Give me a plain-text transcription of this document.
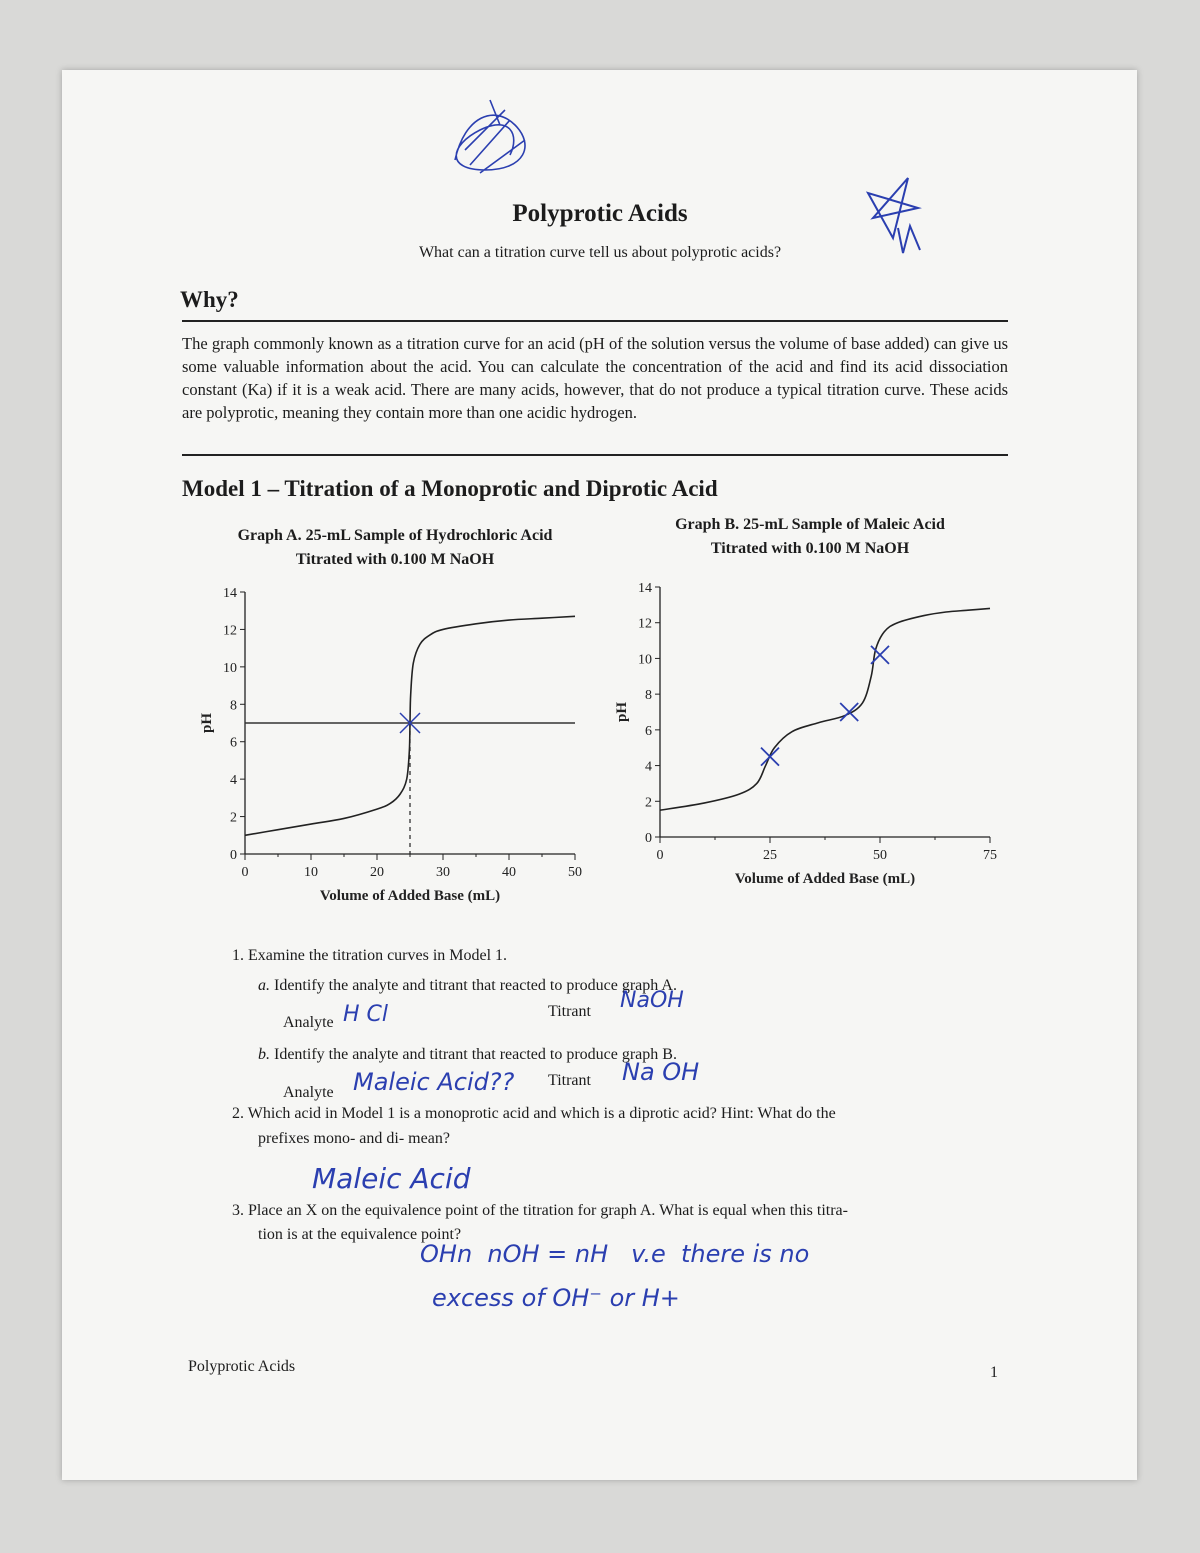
Polyprotic Acids
What can a titration curve tell us about polyprotic acids?
Why?
The graph commonly known as a titration curve for an acid (pH of the solution versus the volume of base added) can give us some valuable information about the acid. You can calculate the concentration of the acid and find its acid dissociation constant (Ka) if it is a weak acid. There are many acids, however, that do not produce a typical titration curve. These acids are polyprotic, meaning they contain more than one acidic hydrogen.
Model 1 – Titration of a Monoprotic and Diprotic Acid
Graph A. 25-mL Sample of Hydrochloric Acid
Titrated with 0.100 M NaOH
Graph B. 25-mL Sample of Maleic Acid
Titrated with 0.100 M NaOH
0
2
4
6
8
10
12
14
0	10	20	30	40	50
Volume of Added Base (mL)
pH
0
2
4
6
8
10
12
14
0	25	50	75
Volume of Added Base (mL)
pH
1. Examine the titration curves in Model 1.
a. Identify the analyte and titrant that reacted to produce graph A.
Analyte H Cl	Titrant NaOH
b. Identify the analyte and titrant that reacted to produce graph B.
Analyte Maleic Acid?? Titrant Na OH
2. Which acid in Model 1 is a monoprotic acid and which is a diprotic acid? Hint: What do the
prefixes mono- and di- mean?
Maleic Acid
3. Place an X on the equivalence point of the titration for graph A. What is equal when this titra-
tion is at the equivalence point?
OHn  nOH = nH   v.e  there is no
excess of OH⁻ or H+
Polyprotic Acids	1
